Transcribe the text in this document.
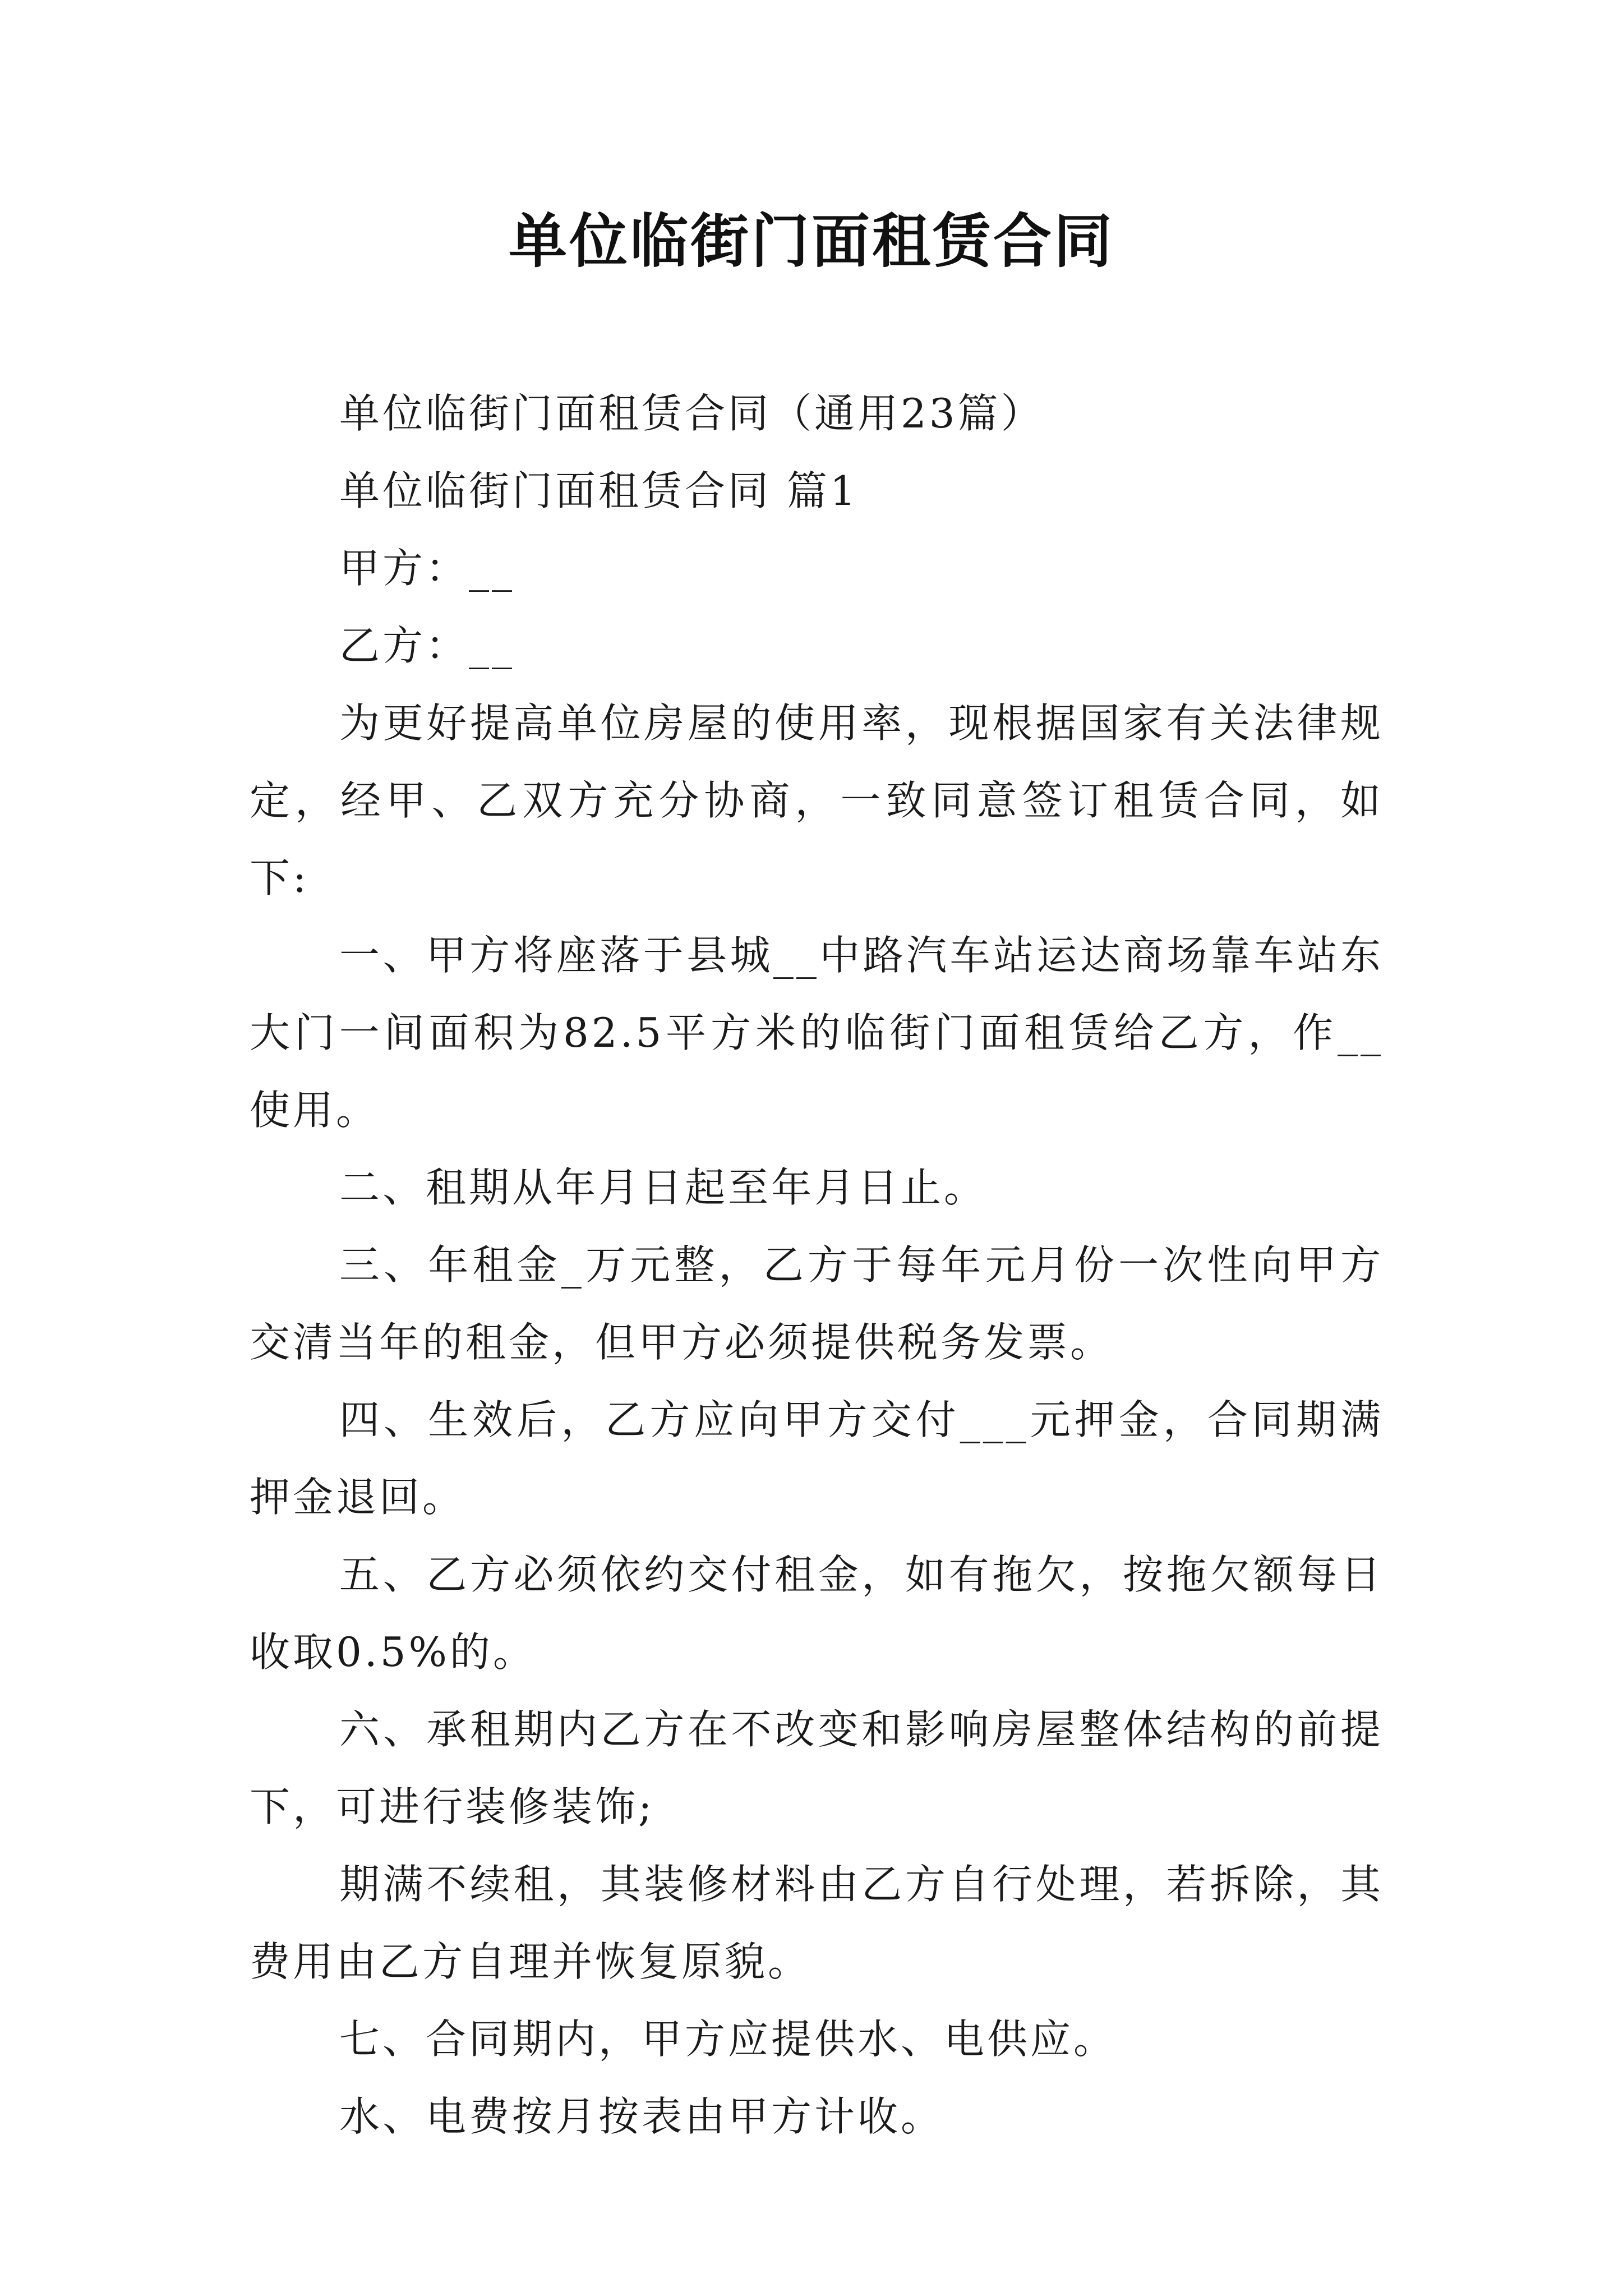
单位临街门面租赁合同

单位临街门面租赁合同（通用23篇）

单位临街门面租赁合同 篇1

甲方：__

乙方：__

为更好提高单位房屋的使用率，现根据国家有关法律规定，经甲、乙双方充分协商，一致同意签订租赁合同，如下:

一、甲方将座落于县城__中路汽车站运达商场靠车站东大门一间面积为82.5平方米的临街门面租赁给乙方，作__使用。

二、租期从年月日起至年月日止。

三、年租金_万元整，乙方于每年元月份一次性向甲方交清当年的租金，但甲方必须提供税务发票。

四、生效后，乙方应向甲方交付___元押金，合同期满押金退回。

五、乙方必须依约交付租金，如有拖欠，按拖欠额每日收取0.5%的。

六、承租期内乙方在不改变和影响房屋整体结构的前提下，可进行装修装饰;

期满不续租，其装修材料由乙方自行处理，若拆除，其费用由乙方自理并恢复原貌。

七、合同期内，甲方应提供水、电供应。

水、电费按月按表由甲方计收。
